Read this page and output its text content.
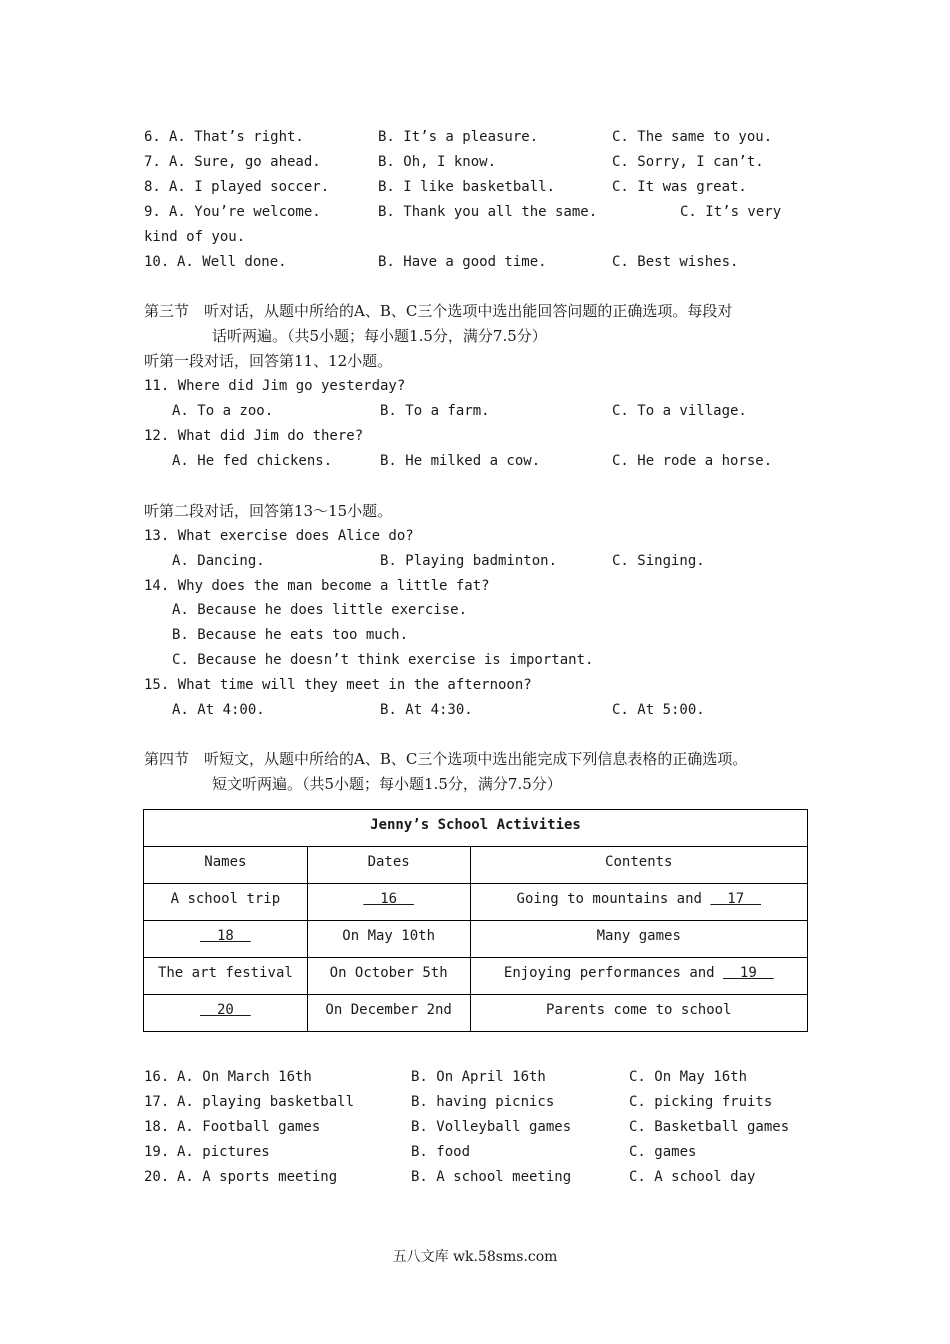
6. A. That’s right.	B. It’s a pleasure.	C. The same to you.
7. A. Sure, go ahead.	B. Oh, I know.	C. Sorry, I can’t.
8. A. I played soccer.	B. I like basketball.	C. It was great.
9. A. You’re welcome.	B. Thank you all the same.	C. It’s very
kind of you.
10. A. Well done.	B. Have a good time.	C. Best wishes.
第三节　听对话，从题中所给的A、B、C三个选项中选出能回答问题的正确选项。每段对
话听两遍。（共5小题；每小题1.5分，满分7.5分）
听第一段对话，回答第11、12小题。
11. Where did Jim go yesterday?
A. To a zoo.	B. To a farm.	C. To a village.
12. What did Jim do there?
A. He fed chickens.	B. He milked a cow.	C. He rode a horse.
听第二段对话，回答第13～15小题。
13. What exercise does Alice do?
A. Dancing.	B. Playing badminton.	C. Singing.
14. Why does the man become a little fat?
A. Because he does little exercise.
B. Because he eats too much.
C. Because he doesn’t think exercise is important.
15. What time will they meet in the afternoon?
A. At 4:00.	B. At 4:30.	C. At 5:00.
第四节　听短文，从题中所给的A、B、C三个选项中选出能完成下列信息表格的正确选项。
短文听两遍。（共5小题；每小题1.5分，满分7.5分）
Jenny’s School Activities		
Names	Dates	Contents
A school trip	16	Going to mountains and 17
18	On May 10th	Many games
The art festival	On October 5th	Enjoying performances and 19
20	On December 2nd	Parents come to school
16. A. On March 16th	B. On April 16th	C. On May 16th
17. A. playing basketball	B. having picnics	C. picking fruits
18. A. Football games	B. Volleyball games	C. Basketball games
19. A. pictures	B. food	C. games
20. A. A sports meeting	B. A school meeting	C. A school day
五八文库 wk.58sms.com
